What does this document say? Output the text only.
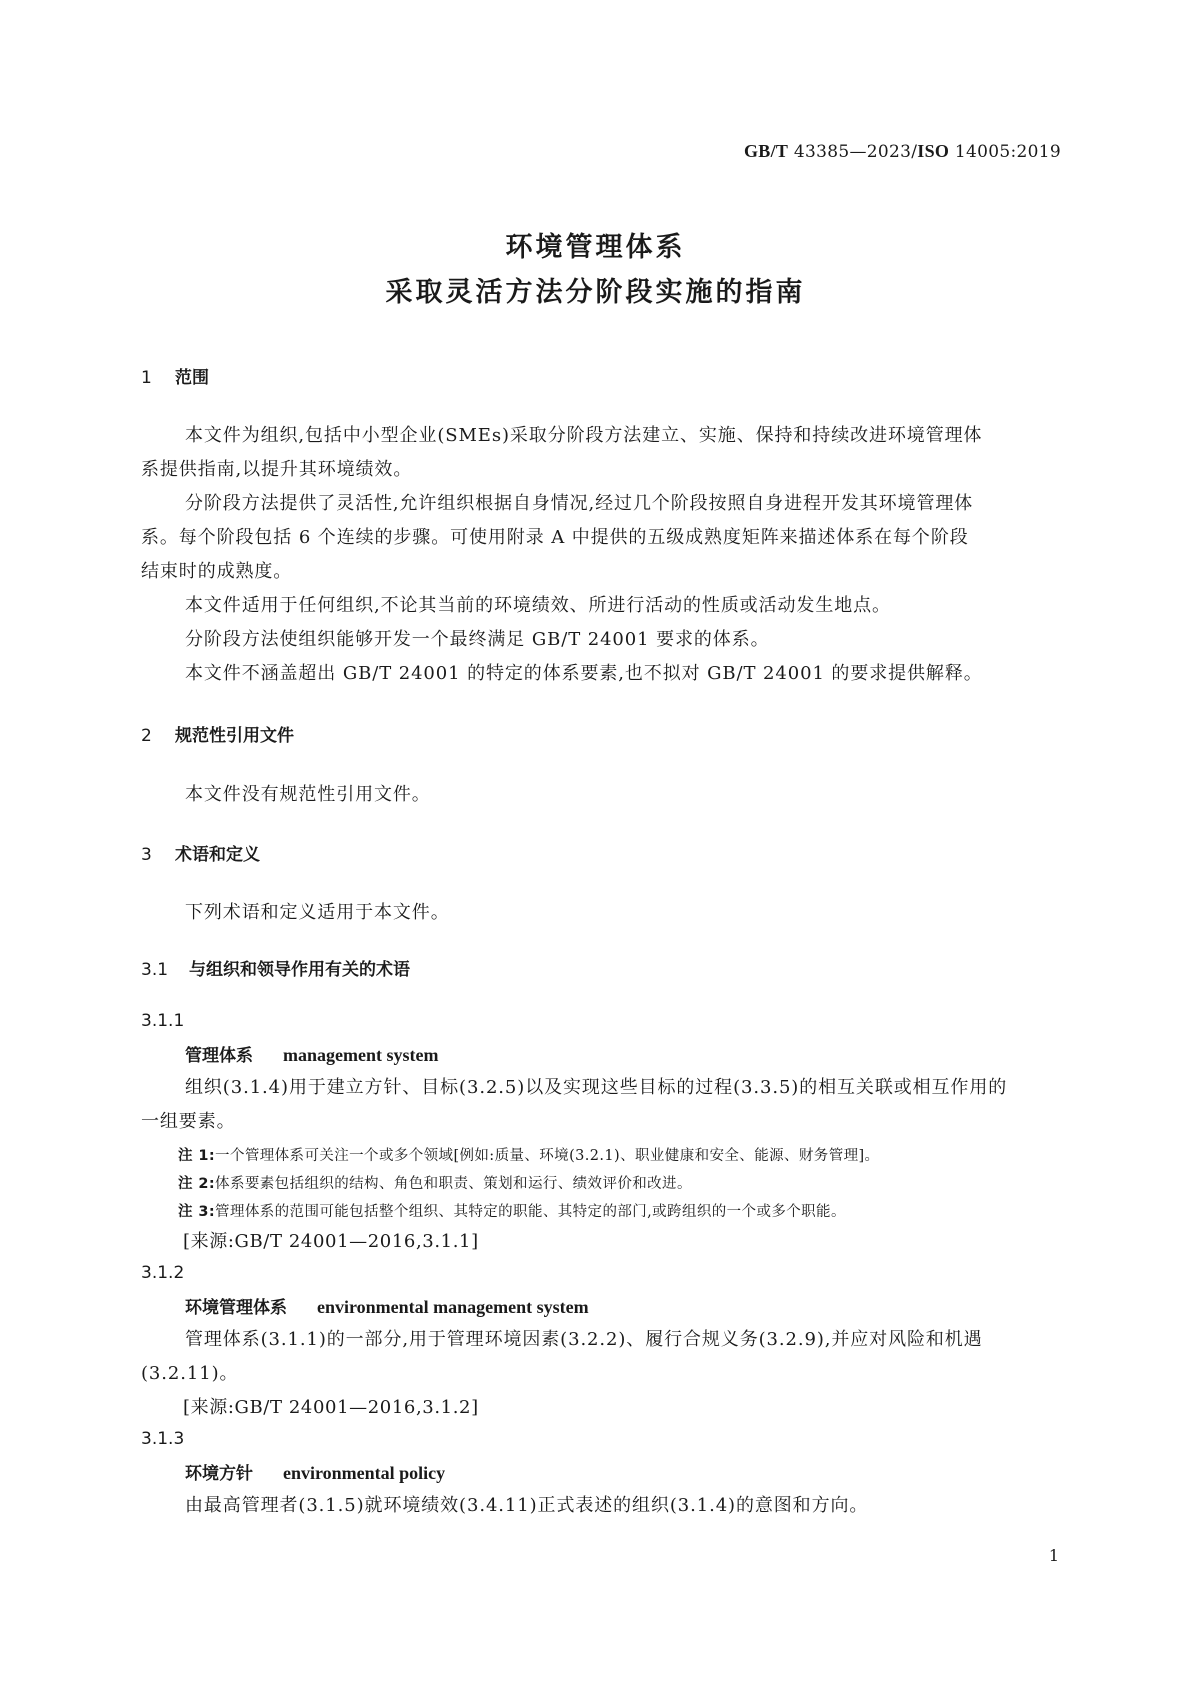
GB/T 43385—2023/ISO 14005:2019
环境管理体系
采取灵活方法分阶段实施的指南
1 范围
本文件为组织,包括中小型企业(SMEs)采取分阶段方法建立、实施、保持和持续改进环境管理体
系提供指南,以提升其环境绩效。
分阶段方法提供了灵活性,允许组织根据自身情况,经过几个阶段按照自身进程开发其环境管理体
系。每个阶段包括 6 个连续的步骤。可使用附录 A 中提供的五级成熟度矩阵来描述体系在每个阶段
结束时的成熟度。
本文件适用于任何组织,不论其当前的环境绩效、所进行活动的性质或活动发生地点。
分阶段方法使组织能够开发一个最终满足 GB/T 24001 要求的体系。
本文件不涵盖超出 GB/T 24001 的特定的体系要素,也不拟对 GB/T 24001 的要求提供解释。
2 规范性引用文件
本文件没有规范性引用文件。
3 术语和定义
下列术语和定义适用于本文件。
3.1 与组织和领导作用有关的术语
3.1.1
管理体系 management system
组织(3.1.4)用于建立方针、目标(3.2.5)以及实现这些目标的过程(3.3.5)的相互关联或相互作用的
一组要素。
注 1:一个管理体系可关注一个或多个领域[例如:质量、环境(3.2.1)、职业健康和安全、能源、财务管理]。
注 2:体系要素包括组织的结构、角色和职责、策划和运行、绩效评价和改进。
注 3:管理体系的范围可能包括整个组织、其特定的职能、其特定的部门,或跨组织的一个或多个职能。
[来源:GB/T 24001—2016,3.1.1]
3.1.2
环境管理体系 environmental management system
管理体系(3.1.1)的一部分,用于管理环境因素(3.2.2)、履行合规义务(3.2.9),并应对风险和机遇
(3.2.11)。
[来源:GB/T 24001—2016,3.1.2]
3.1.3
环境方针 environmental policy
由最高管理者(3.1.5)就环境绩效(3.4.11)正式表述的组织(3.1.4)的意图和方向。
1
